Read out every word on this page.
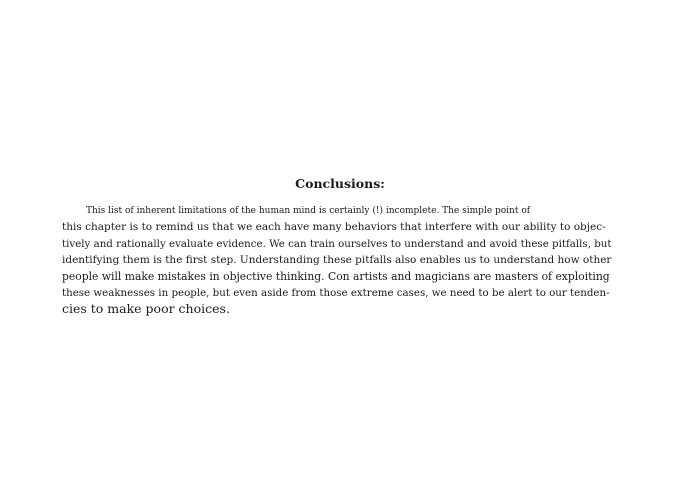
Conclusions:
This list of inherent limitations of the human mind is certainly (!) incomplete. The simple point of
this chapter is to remind us that we each have many behaviors that interfere with our ability to objec-
tively and rationally evaluate evidence. We can train ourselves to understand and avoid these pitfalls, but
identifying them is the first step. Understanding these pitfalls also enables us to understand how other
people will make mistakes in objective thinking. Con artists and magicians are masters of exploiting
these weaknesses in people, but even aside from those extreme cases, we need to be alert to our tenden-
cies to make poor choices.
